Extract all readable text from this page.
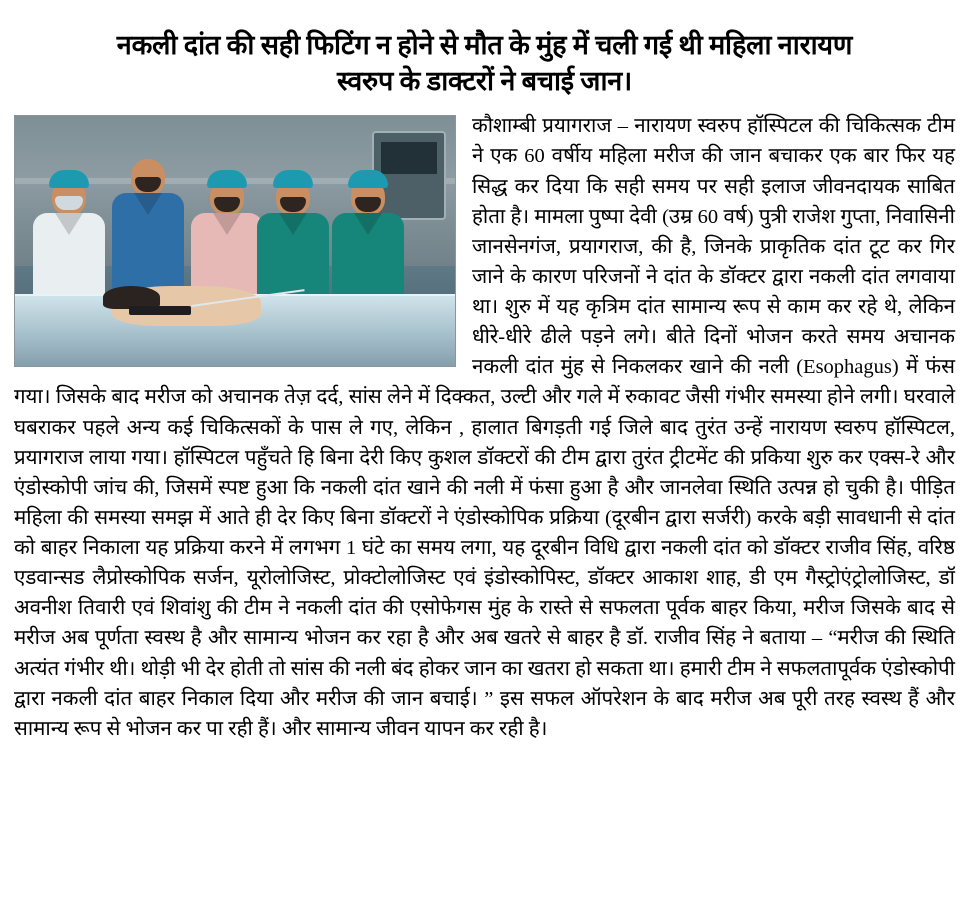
नकली दांत की सही फिटिंग न होने से मौत के मुंह में चली गई थी महिला नारायण
स्वरुप के डाक्टरों ने बचाई जान।

कौशाम्बी प्रयागराज – नारायण स्वरुप हॉस्पिटल की चिकित्सक टीम ने एक 60 वर्षीय महिला मरीज की जान बचाकर एक बार फिर यह सिद्ध कर दिया कि सही समय पर सही इलाज जीवनदायक साबित होता है। मामला पुष्पा देवी (उम्र 60 वर्ष) पुत्री राजेश गुप्ता, निवासिनी जानसेनगंज, प्रयागराज, की है, जिनके प्राकृतिक दांत टूट कर गिर जाने के कारण परिजनों ने दांत के डॉक्टर द्वारा नकली दांत लगवाया था। शुरु में यह कृत्रिम दांत सामान्य रूप से काम कर रहे थे, लेकिन धीरे-धीरे ढीले पड़ने लगे। बीते दिनों भोजन करते समय अचानक नकली दांत मुंह से निकलकर खाने की नली (Esophagus) में फंस गया। जिसके बाद मरीज को अचानक तेज़ दर्द, सांस लेने में दिक्कत, उल्टी और गले में रुकावट जैसी गंभीर समस्या होने लगी। घरवाले घबराकर पहले अन्य कई चिकित्सकों के पास ले गए, लेकिन , हालात बिगड़ती गई जिले बाद तुरंत उन्हें नारायण स्वरुप हॉस्पिटल, प्रयागराज लाया गया। हॉस्पिटल पहुँचते हि बिना देरी किए कुशल डॉक्टरों की टीम द्वारा तुरंत ट्रीटमेंट की प्रकिया शुरु कर एक्स-रे और एंडोस्कोपी जांच की, जिसमें स्पष्ट हुआ कि नकली दांत खाने की नली में फंसा हुआ है और जानलेवा स्थिति उत्पन्न हो चुकी है। पीड़ित महिला की समस्या समझ में आते ही देर किए बिना डॉक्टरों ने एंडोस्कोपिक प्रक्रिया (दूरबीन द्वारा सर्जरी) करके बड़ी सावधानी से दांत को बाहर निकाला यह प्रक्रिया करने में लगभग 1 घंटे का समय लगा, यह दूरबीन विधि द्वारा नकली दांत को डॉक्टर राजीव सिंह, वरिष्ठ एडवान्सड लैप्रोस्कोपिक सर्जन, यूरोलोजिस्ट, प्रोक्टोलोजिस्ट एवं इंडोस्कोपिस्ट, डॉक्टर आकाश शाह, डी एम गैस्ट्रोएंट्रोलोजिस्ट, डॉ अवनीश तिवारी एवं शिवांशु की टीम ने नकली दांत की एसोफेगस मुंह के रास्ते से सफलता पूर्वक बाहर किया, मरीज जिसके बाद से मरीज अब पूर्णता स्वस्थ है और सामान्य भोजन कर रहा है और अब खतरे से बाहर है डॉ. राजीव सिंह ने बताया – “मरीज की स्थिति अत्यंत गंभीर थी। थोड़ी भी देर होती तो सांस की नली बंद होकर जान का खतरा हो सकता था। हमारी टीम ने सफलतापूर्वक एंडोस्कोपी द्वारा नकली दांत बाहर निकाल दिया और मरीज की जान बचाई। ” इस सफल ऑपरेशन के बाद मरीज अब पूरी तरह स्वस्थ हैं और सामान्य रूप से भोजन कर पा रही हैं। और सामान्य जीवन यापन कर रही है।
